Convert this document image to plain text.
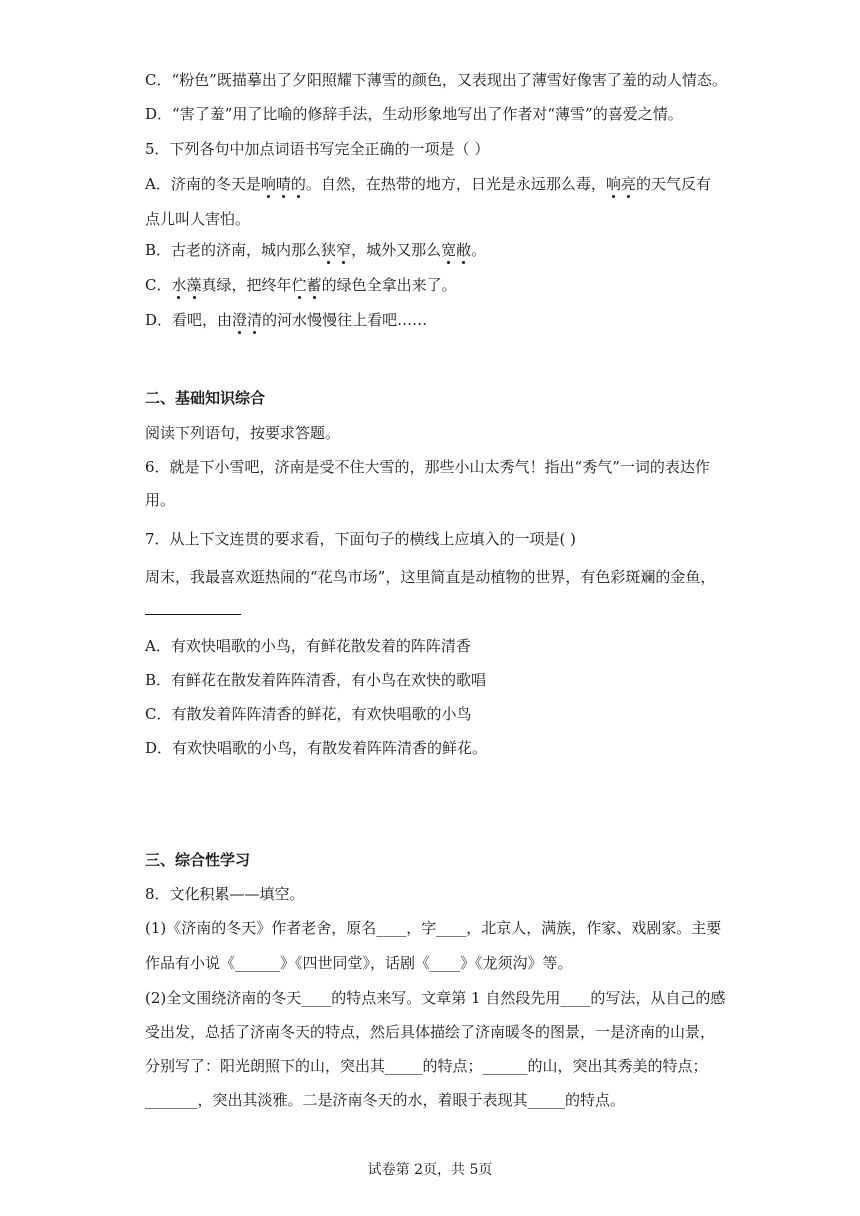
C．“粉色”既描摹出了夕阳照耀下薄雪的颜色，又表现出了薄雪好像害了羞的动人情态。
D．“害了羞”用了比喻的修辞手法，生动形象地写出了作者对“薄雪”的喜爱之情。
5．下列各句中加点词语书写完全正确的一项是（ ）
A．济南的冬天是响晴的。自然，在热带的地方，日光是永远那么毒，响亮的天气反有
点儿叫人害怕。
B．古老的济南，城内那么狭窄，城外又那么宽敝。
C．水藻真绿，把终年伫蓄的绿色全拿出来了。
D．看吧，由澄清的河水慢慢往上看吧……
二、基础知识综合
阅读下列语句，按要求答题。
6．就是下小雪吧，济南是受不住大雪的，那些小山太秀气！指出“秀气”一词的表达作
用。
7．从上下文连贯的要求看，下面句子的横线上应填入的一项是( )
周末，我最喜欢逛热闹的“花鸟市场”，这里简直是动植物的世界，有色彩斑斓的金鱼，
A．有欢快唱歌的小鸟，有鲜花散发着的阵阵清香
B．有鲜花在散发着阵阵清香，有小鸟在欢快的歌唱
C．有散发着阵阵清香的鲜花，有欢快唱歌的小鸟
D．有欢快唱歌的小鸟，有散发着阵阵清香的鲜花。
三、综合性学习
8．文化积累——填空。
(1)《济南的冬天》作者老舍，原名____，字____，北京人，满族，作家、戏剧家。主要
作品有小说《______》《四世同堂》，话剧《____》《龙须沟》等。
(2)全文围绕济南的冬天____的特点来写。文章第 1 自然段先用____的写法，从自己的感
受出发，总括了济南冬天的特点，然后具体描绘了济南暖冬的图景，一是济南的山景，
分别写了：阳光朗照下的山，突出其_____的特点；______的山，突出其秀美的特点；
_______，突出其淡雅。二是济南冬天的水，着眼于表现其_____的特点。
试卷第 2页，共 5页
